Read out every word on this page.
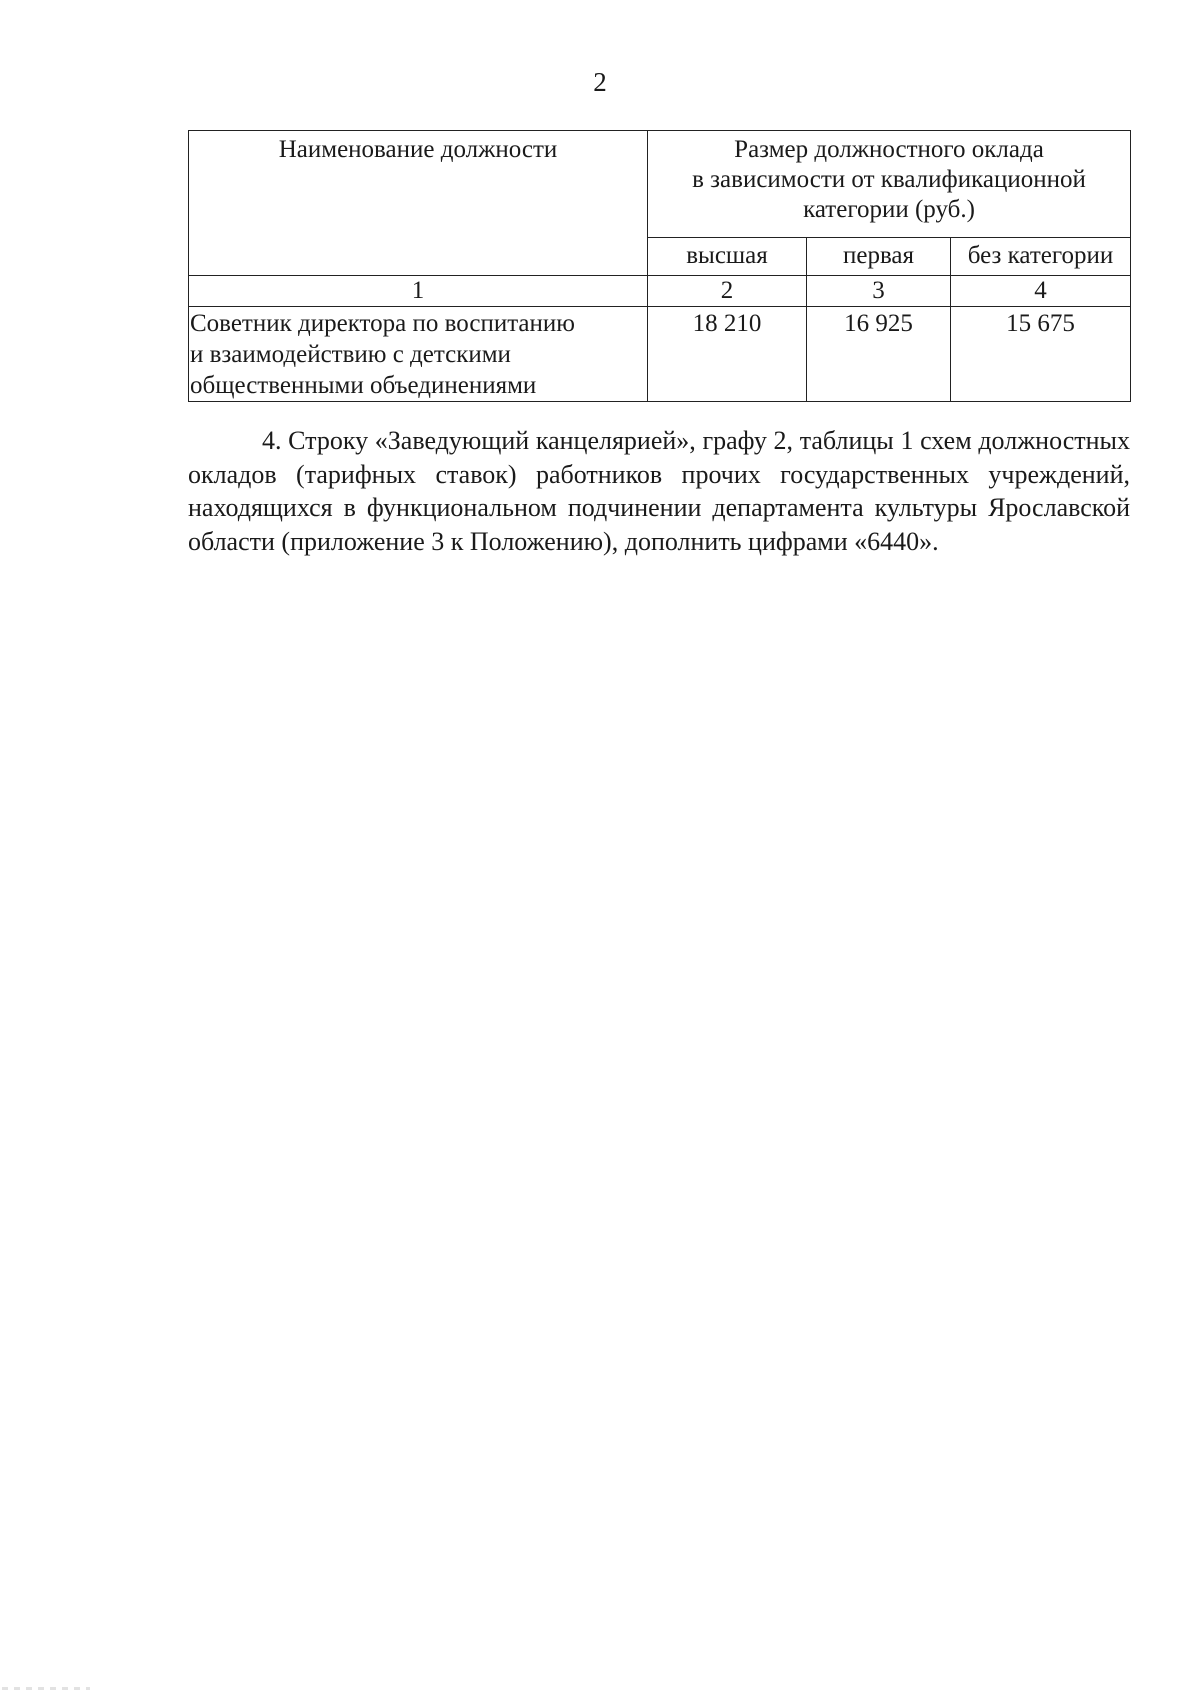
2
Наименование должности	Размер должностного оклада
в зависимости от квалификационной
категории (руб.)		

	высшая	первая	без категории
1	2	3	4

Советник директора по воспитанию
и взаимодействию с детскими
общественными объединениями	18 210	16 925	15 675

4. Строку «Заведующий канцелярией», графу 2, таблицы 1 схем должностных окладов (тарифных ставок) работников прочих государственных учреждений, находящихся в функциональном подчинении департамента культуры Ярославской области (приложение 3 к Положению), дополнить цифрами «6440».
